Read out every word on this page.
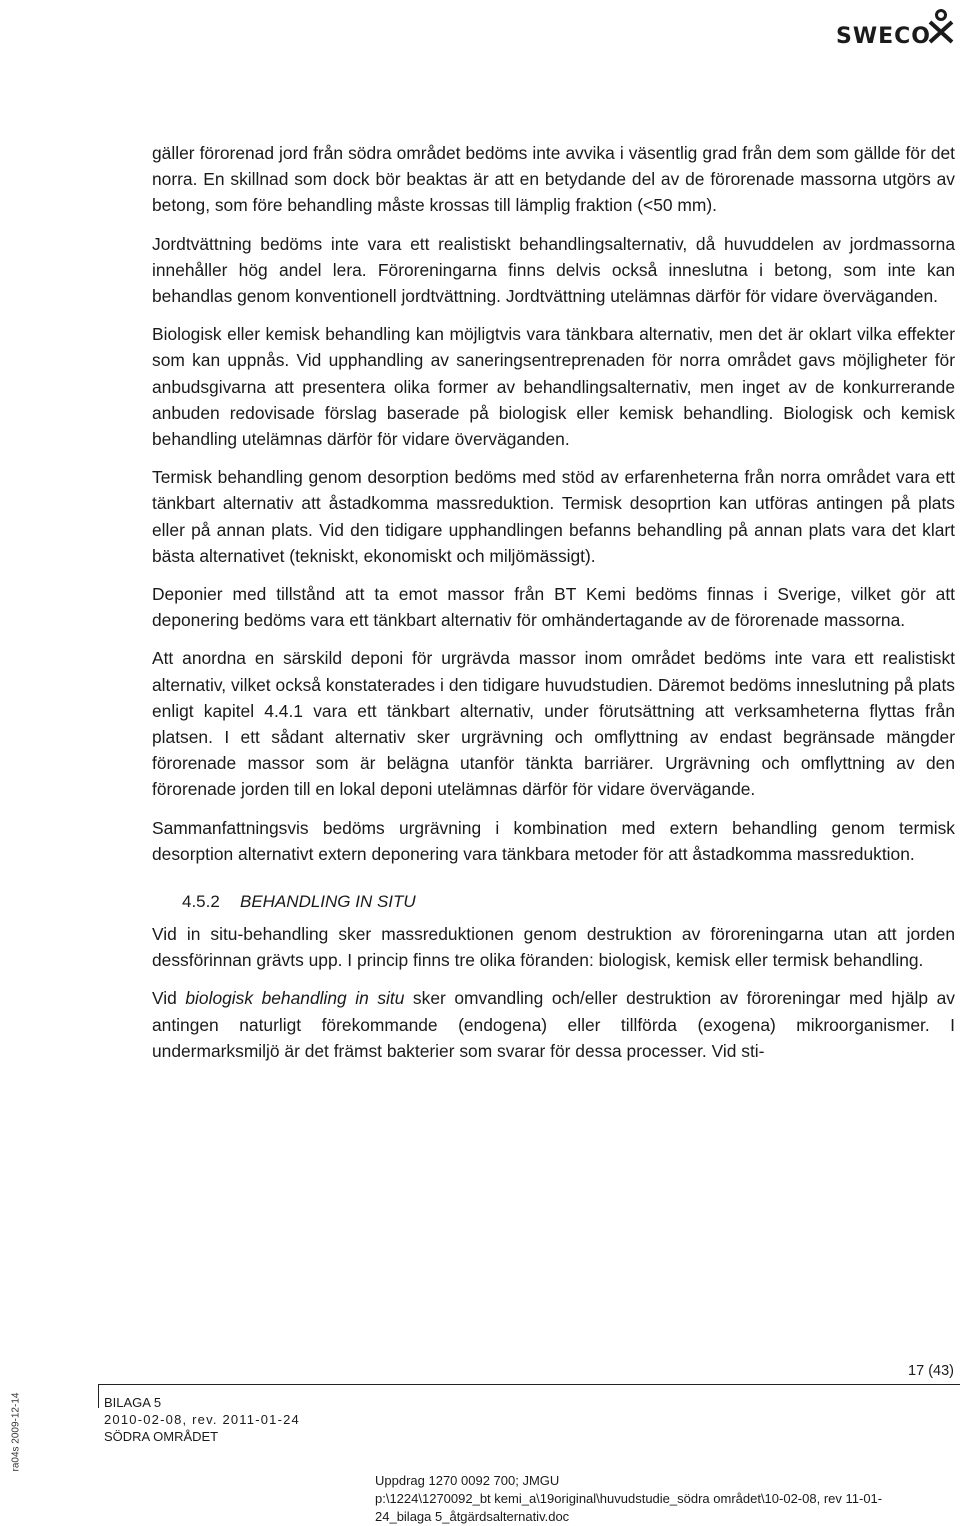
SWECO

gäller förorenad jord från södra området bedöms inte avvika i väsentlig grad från dem som gällde för det norra. En skillnad som dock bör beaktas är att en betydande del av de förorenade massorna utgörs av betong, som före behandling måste krossas till lämplig fraktion (<50 mm).

Jordtvättning bedöms inte vara ett realistiskt behandlingsalternativ, då huvuddelen av jordmassorna innehåller hög andel lera. Föroreningarna finns delvis också inneslutna i betong, som inte kan behandlas genom konventionell jordtvättning. Jordtvättning utelämnas därför för vidare överväganden.

Biologisk eller kemisk behandling kan möjligtvis vara tänkbara alternativ, men det är oklart vilka effekter som kan uppnås. Vid upphandling av saneringsentreprenaden för norra området gavs möjligheter för anbudsgivarna att presentera olika former av behandlingsalternativ, men inget av de konkurrerande anbuden redovisade förslag baserade på biologisk eller kemisk behandling. Biologisk och kemisk behandling utelämnas därför för vidare överväganden.

Termisk behandling genom desorption bedöms med stöd av erfarenheterna från norra området vara ett tänkbart alternativ att åstadkomma massreduktion. Termisk desoprtion kan utföras antingen på plats eller på annan plats. Vid den tidigare upphandlingen befanns behandling på annan plats vara det klart bästa alternativet (tekniskt, ekonomiskt och miljömässigt).

Deponier med tillstånd att ta emot massor från BT Kemi bedöms finnas i Sverige, vilket gör att deponering bedöms vara ett tänkbart alternativ för omhändertagande av de förorenade massorna.

Att anordna en särskild deponi för urgrävda massor inom området bedöms inte vara ett realistiskt alternativ, vilket också konstaterades i den tidigare huvudstudien. Däremot bedöms inneslutning på plats enligt kapitel 4.4.1 vara ett tänkbart alternativ, under förutsättning att verksamheterna flyttas från platsen. I ett sådant alternativ sker urgrävning och omflyttning av endast begränsade mängder förorenade massor som är belägna utanför tänkta barriärer. Urgrävning och omflyttning av den förorenade jorden till en lokal deponi utelämnas därför för vidare övervägande.

Sammanfattningsvis bedöms urgrävning i kombination med extern behandling genom termisk desorption alternativt extern deponering vara tänkbara metoder för att åstadkomma massreduktion.

4.5.2 BEHANDLING IN SITU

Vid in situ-behandling sker massreduktionen genom destruktion av föroreningarna utan att jorden dessförinnan grävts upp. I princip finns tre olika föranden: biologisk, kemisk eller termisk behandling.

Vid biologisk behandling in situ sker omvandling och/eller destruktion av föroreningar med hjälp av antingen naturligt förekommande (endogena) eller tillförda (exogena) mikroorganismer. I undermarksmiljö är det främst bakterier som svarar för dessa processer. Vid sti-

ra04s 2009-12-14
17 (43)
BILAGA 5
2010-02-08, rev. 2011-01-24
SÖDRA OMRÅDET
Uppdrag 1270 0092 700; JMGU
p:\1224\1270092_bt kemi_a\19original\huvudstudie_södra området\10-02-08, rev 11-01-
24_bilaga 5_åtgärdsalternativ.doc
